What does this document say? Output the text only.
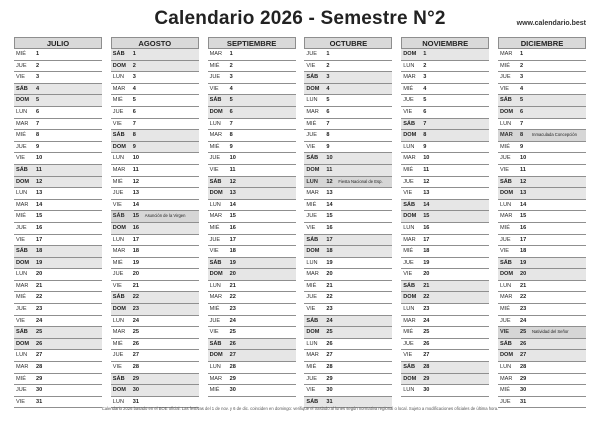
Calendario 2026 - Semestre N°2	www.calendario.best
JULIO
MIÉ 1
JUE 2
VIE 3
SÁB 4
DOM 5
LUN 6
MAR 7
MIÉ 8
JUE 9
VIE 10
SÁB 11
DOM 12
LUN 13
MAR 14
MIÉ 15
JUE 16
VIE 17
SÁB 18
DOM 19
LUN 20
MAR 21
MIÉ 22
JUE 23
VIE 24
SÁB 25
DOM 26
LUN 27
MAR 28
MIÉ 29
JUE 30
VIE 31
AGOSTO
SÁB 1
DOM 2
LUN 3
MAR 4
MIÉ 5
JUE 6
VIE 7
SÁB 8
DOM 9
LUN 10
MAR 11
MIÉ 12
JUE 13
VIE 14
SÁB 15 Asunción de la Virgen
DOM 16
LUN 17
MAR 18
MIÉ 19
JUE 20
VIE 21
SÁB 22
DOM 23
LUN 24
MAR 25
MIÉ 26
JUE 27
VIE 28
SÁB 29
DOM 30
LUN 31
SEPTIEMBRE
MAR 1
MIÉ 2
JUE 3
VIE 4
SÁB 5
DOM 6
LUN 7
MAR 8
MIÉ 9
JUE 10
VIE 11
SÁB 12
DOM 13
LUN 14
MAR 15
MIÉ 16
JUE 17
VIE 18
SÁB 19
DOM 20
LUN 21
MAR 22
MIÉ 23
JUE 24
VIE 25
SÁB 26
DOM 27
LUN 28
MAR 29
MIÉ 30
OCTUBRE
JUE 1
VIE 2
SÁB 3
DOM 4
LUN 5
MAR 6
MIÉ 7
JUE 8
VIE 9
SÁB 10
DOM 11
LUN 12 Fiesta Nacional de Esp.
MAR 13
MIÉ 14
JUE 15
VIE 16
SÁB 17
DOM 18
LUN 19
MAR 20
MIÉ 21
JUE 22
VIE 23
SÁB 24
DOM 25
LUN 26
MAR 27
MIÉ 28
JUE 29
VIE 30
SÁB 31
NOVIEMBRE
DOM 1
LUN 2
MAR 3
MIÉ 4
JUE 5
VIE 6
SÁB 7
DOM 8
LUN 9
MAR 10
MIÉ 11
JUE 12
VIE 13
SÁB 14
DOM 15
LUN 16
MAR 17
MIÉ 18
JUE 19
VIE 20
SÁB 21
DOM 22
LUN 23
MAR 24
MIÉ 25
JUE 26
VIE 27
SÁB 28
DOM 29
LUN 30
DICIEMBRE
MAR 1
MIÉ 2
JUE 3
VIE 4
SÁB 5
DOM 6
LUN 7
MAR 8 Inmaculada Concepción
MIÉ 9
JUE 10
VIE 11
SÁB 12
DOM 13
LUN 14
MAR 15
MIÉ 16
JUE 17
VIE 18
SÁB 19
DOM 20
LUN 21
MAR 22
MIÉ 23
JUE 24
VIE 25 Natividad del Señor
SÁB 26
DOM 27
LUN 28
MAR 29
MIÉ 30
JUE 31
Calendario 2026 basado en el BOE oficial. Las festivas del 1 de nov. y 6 de dic. coinciden en domingo: verifique el traslado al lunes según normativa regional o local. Sujeto a modificaciones oficiales de última hora.
